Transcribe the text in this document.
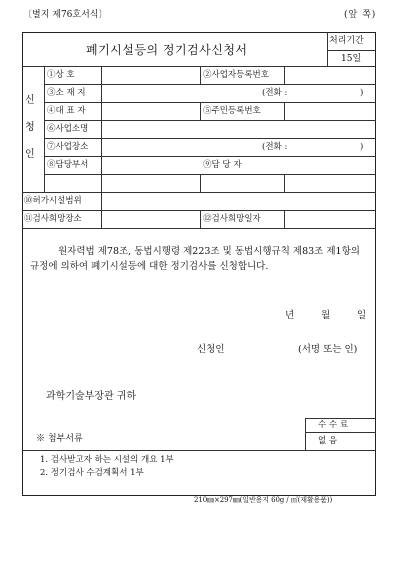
〔별지 제76호서식〕	(앞 쪽)
폐기시설등의 정기검사신청서
처리기간
15일
신
청
인
①상 호	②사업자등록번호
③소 재 지	(전화 :	)
④대 표 자	⑤주민등록번호
⑥사업소명
⑦사업장소	(전화 :	)
⑧담당부서	⑨담 당 자
⑩허가시설범위
⑪검사희망장소	⑫검사희망일자
원자력법 제78조, 동법시행령 제223조 및 동법시행규칙 제83조 제1항의 규정에 의하여 폐기시설등에 대한 정기검사를 신청합니다.
년	월	일
신청인	(서명 또는 인)
과학기술부장관 귀하
수 수 료
없 음
※ 첨부서류
1. 검사받고자 하는 시설의 개요 1부
2. 정기검사 수검계획서 1부
210㎜×297㎜(일반용지 60g / ㎡(재활용품))
